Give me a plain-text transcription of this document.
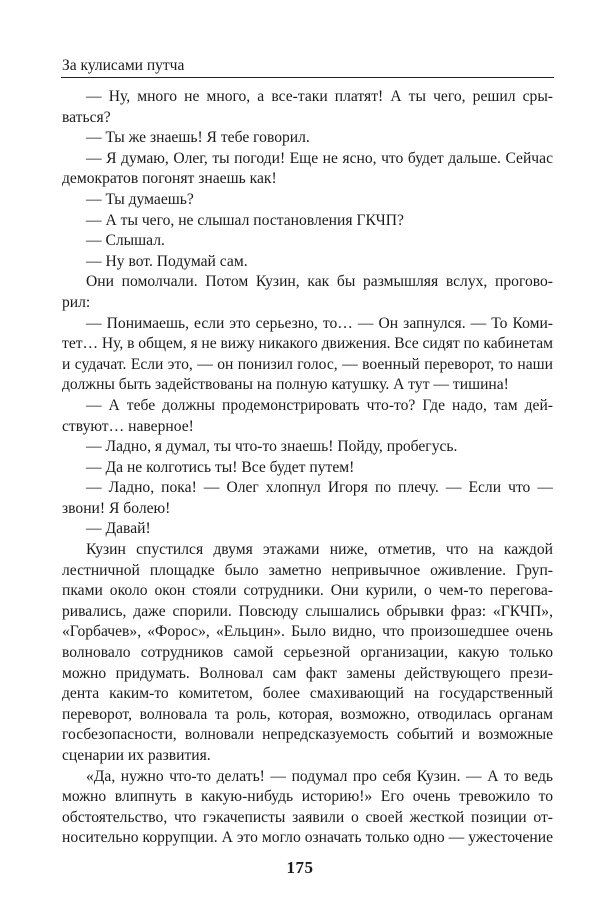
За кулисами путча
— Ну, много не много, а все-таки платят! А ты чего, решил сры-
ваться?
— Ты же знаешь! Я тебе говорил.
— Я думаю, Олег, ты погоди! Еще не ясно, что будет дальше. Сейчас
демократов погонят знаешь как!
— Ты думаешь?
— А ты чего, не слышал постановления ГКЧП?
— Слышал.
— Ну вот. Подумай сам.
Они помолчали. Потом Кузин, как бы размышляя вслух, прогово-
рил:
— Понимаешь, если это серьезно, то… — Он запнулся. — То Коми-
тет… Ну, в общем, я не вижу никакого движения. Все сидят по кабинетам
и судачат. Если это, — он понизил голос, — военный переворот, то наши
должны быть задействованы на полную катушку. А тут — тишина!
— А тебе должны продемонстрировать что-то? Где надо, там дей-
ствуют… наверное!
— Ладно, я думал, ты что-то знаешь! Пойду, пробегусь.
— Да не колготись ты! Все будет путем!
— Ладно, пока! — Олег хлопнул Игоря по плечу. — Если что —
звони! Я болею!
— Давай!
Кузин спустился двумя этажами ниже, отметив, что на каждой
лестничной площадке было заметно непривычное оживление. Груп-
пками около окон стояли сотрудники. Они курили, о чем-то перегова-
ривались, даже спорили. Повсюду слышались обрывки фраз: «ГКЧП»,
«Горбачев», «Форос», «Ельцин». Было видно, что произошедшее очень
волновало сотрудников самой серьезной организации, какую только
можно придумать. Волновал сам факт замены действующего прези-
дента каким-то комитетом, более смахивающий на государственный
переворот, волновала та роль, которая, возможно, отводилась органам
госбезопасности, волновали непредсказуемость событий и возможные
сценарии их развития.
«Да, нужно что-то делать! — подумал про себя Кузин. — А то ведь
можно влипнуть в какую-нибудь историю!» Его очень тревожило то
обстоятельство, что гэкачеписты заявили о своей жесткой позиции от-
носительно коррупции. А это могло означать только одно — ужесточение
175
